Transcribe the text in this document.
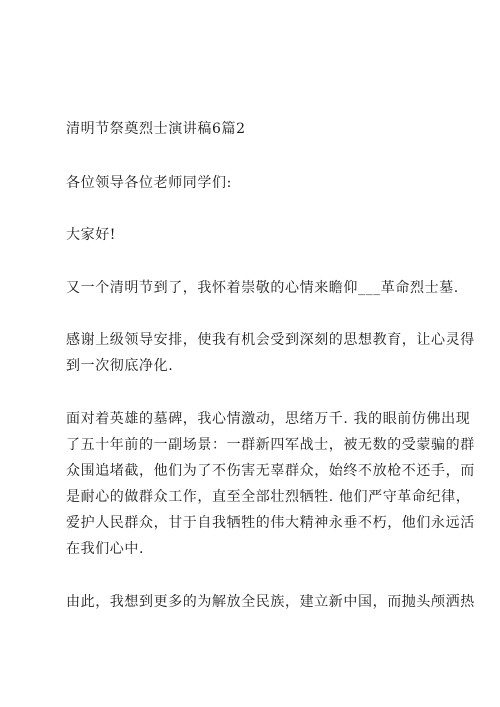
清明节祭奠烈士演讲稿6篇2
各位领导各位老师同学们:
大家好!
又一个清明节到了，我怀着崇敬的心情来瞻仰___革命烈士墓.
感谢上级领导安排，使我有机会受到深刻的思想教育，让心灵得
到一次彻底净化.
面对着英雄的墓碑，我心情激动，思绪万千. 我的眼前仿佛出现
了五十年前的一副场景：一群新四军战士，被无数的受蒙骗的群
众围追堵截，他们为了不伤害无辜群众，始终不放枪不还手，而
是耐心的做群众工作，直至全部壮烈牺牲. 他们严守革命纪律，
爱护人民群众，甘于自我牺牲的伟大精神永垂不朽，他们永远活
在我们心中.
由此，我想到更多的为解放全民族，建立新中国，而抛头颅洒热
